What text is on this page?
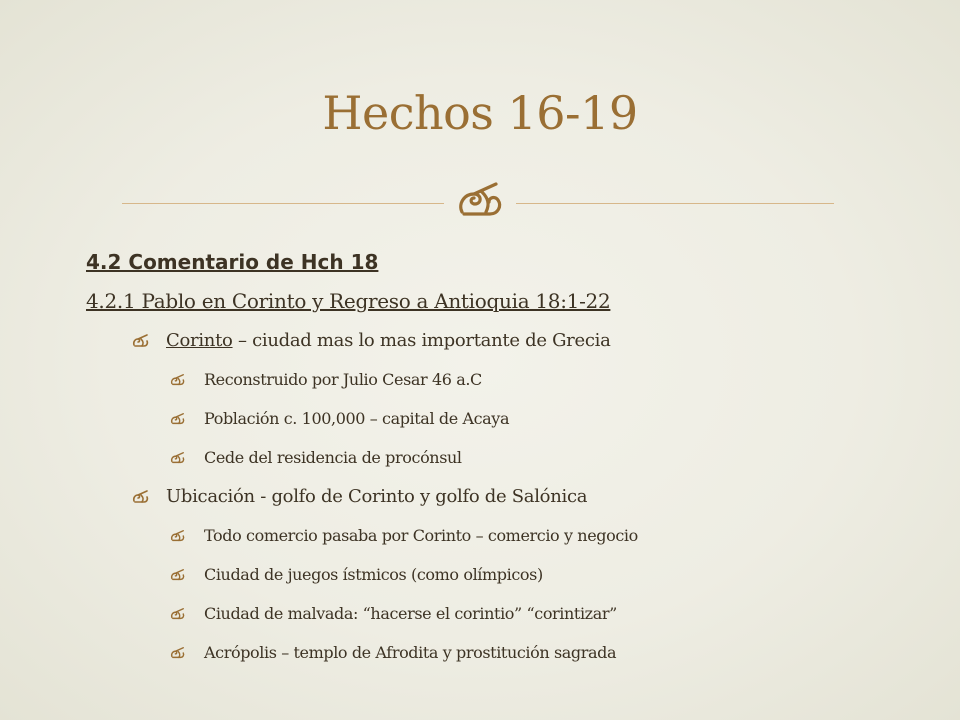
Hechos 16-19
4.2 Comentario de Hch 18
4.2.1 Pablo en Corinto y Regreso a Antioquia 18:1-22
Corinto – ciudad mas lo mas importante de Grecia
Reconstruido por Julio Cesar 46 a.C
Población c. 100,000 – capital de Acaya
Cede del residencia de procónsul
Ubicación - golfo de Corinto y golfo de Salónica
Todo comercio pasaba por Corinto – comercio y negocio
Ciudad de juegos ístmicos (como olímpicos)
Ciudad de malvada: “hacerse el corintio” “corintizar”
Acrópolis – templo de Afrodita y prostitución sagrada
